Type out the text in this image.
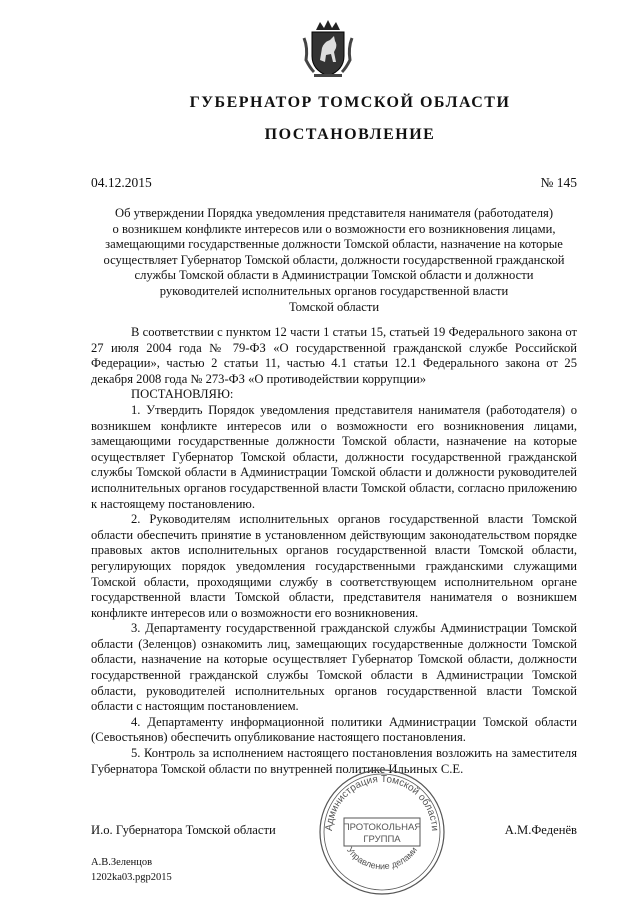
ГУБЕРНАТОР ТОМСКОЙ ОБЛАСТИ
ПОСТАНОВЛЕНИЕ
04.12.2015	№ 145
Об утверждении Порядка уведомления представителя нанимателя (работодателя)
о возникшем конфликте интересов или о возможности его возникновения лицами,
замещающими государственные должности Томской области, назначение на которые
осуществляет Губернатор Томской области, должности государственной гражданской
службы Томской области в Администрации Томской области и должности
руководителей исполнительных органов государственной власти
Томской области

В соответствии с пунктом 12 части 1 статьи 15, статьей 19 Федерального закона от 27 июля 2004 года № 79-ФЗ «О государственной гражданской службе Российской Федерации», частью 2 статьи 11, частью 4.1 статьи 12.1 Федерального закона от 25 декабря 2008 года № 273-ФЗ «О противодействии коррупции»

ПОСТАНОВЛЯЮ:

1. Утвердить Порядок уведомления представителя нанимателя (работодателя) о возникшем конфликте интересов или о возможности его возникновения лицами, замещающими государственные должности Томской области, назначение на которые осуществляет Губернатор Томской области, должности государственной гражданской службы Томской области в Администрации Томской области и должности руководителей исполнительных органов государственной власти Томской области, согласно приложению к настоящему постановлению.

2. Руководителям исполнительных органов государственной власти Томской области обеспечить принятие в установленном действующим законодательством порядке правовых актов исполнительных органов государственной власти Томской области, регулирующих порядок уведомления государственными гражданскими служащими Томской области, проходящими службу в соответствующем исполнительном органе государственной власти Томской области, представителя нанимателя о возникшем конфликте интересов или о возможности его возникновения.

3. Департаменту государственной гражданской службы Администрации Томской области (Зеленцов) ознакомить лиц, замещающих государственные должности Томской области, назначение на которые осуществляет Губернатор Томской области, должности государственной гражданской службы Томской области в Администрации Томской области, руководителей исполнительных органов государственной власти Томской области с настоящим постановлением.

4. Департаменту информационной политики Администрации Томской области (Севостьянов) обеспечить опубликование настоящего постановления.

5. Контроль за исполнением настоящего постановления возложить на заместителя Губернатора Томской области по внутренней политике Ильиных С.Е.

И.о. Губернатора Томской области	А.М.Феденёв
А.В.Зеленцов
1202ka03.pgp2015
Администрация Томской области
ПРОТОКОЛЬНАЯ
ГРУППА
Управление делами
